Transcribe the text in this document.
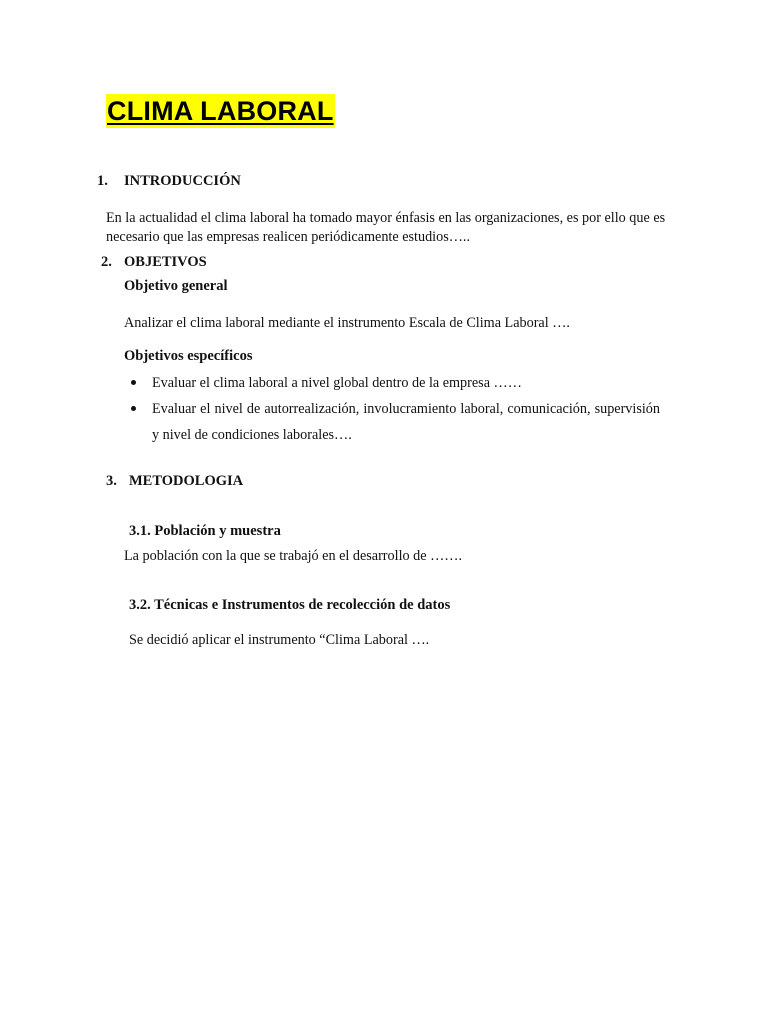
CLIMA LABORAL
1. INTRODUCCIÓN
En la actualidad el clima laboral ha tomado mayor énfasis en las organizaciones, es por ello que es
necesario que las empresas realicen periódicamente estudios…..
2. OBJETIVOS
Objetivo general
Analizar el clima laboral mediante el instrumento Escala de Clima Laboral ….
Objetivos específicos
Evaluar el clima laboral a nivel global dentro de la empresa ……
Evaluar el nivel de autorrealización, involucramiento laboral, comunicación, supervisión y nivel de condiciones laborales….
3. METODOLOGIA
3.1. Población y muestra
La población con la que se trabajó en el desarrollo de …….
3.2. Técnicas e Instrumentos de recolección de datos
Se decidió aplicar el instrumento “Clima Laboral ….
